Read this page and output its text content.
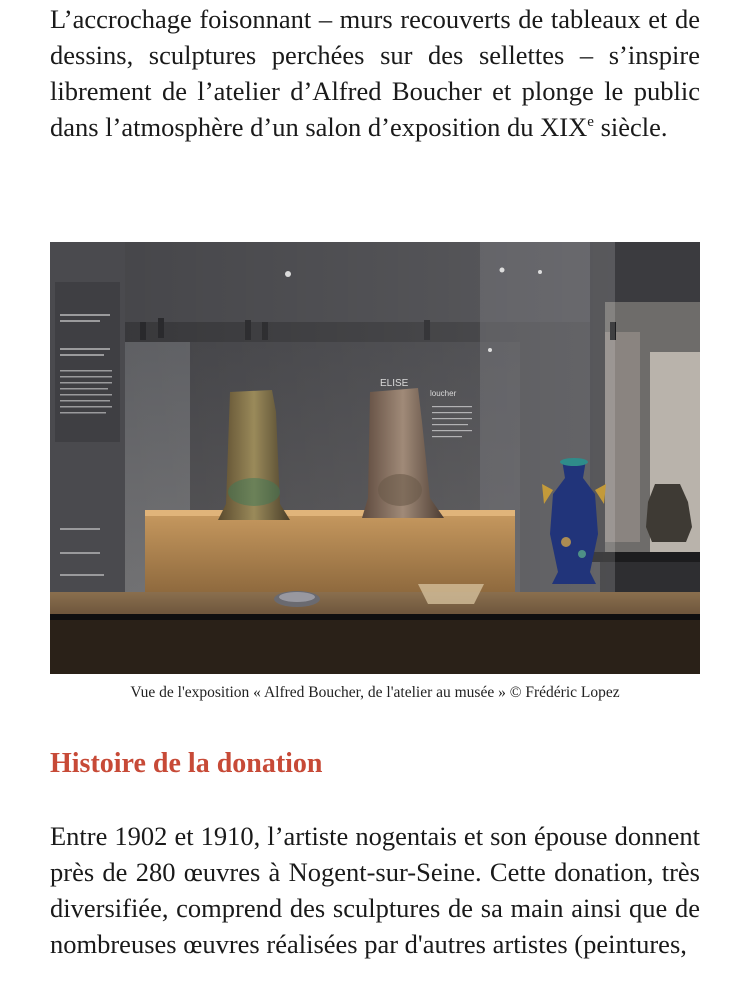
L’accrochage foisonnant – murs recouverts de tableaux et de dessins, sculptures perchées sur des sellettes – s’inspire librement de l’atelier d’Alfred Boucher et plonge le public dans l’atmosphère d’un salon d’exposition du XIXe siècle.

Vue de l'exposition « Alfred Boucher, de l'atelier au musée » © Frédéric Lopez
Histoire de la donation

Entre 1902 et 1910, l’artiste nogentais et son épouse donnent près de 280 œuvres à Nogent-sur-Seine. Cette donation, très diversifiée, comprend des sculptures de sa main ainsi que de nombreuses œuvres réalisées par d'autres artistes (peintures,
